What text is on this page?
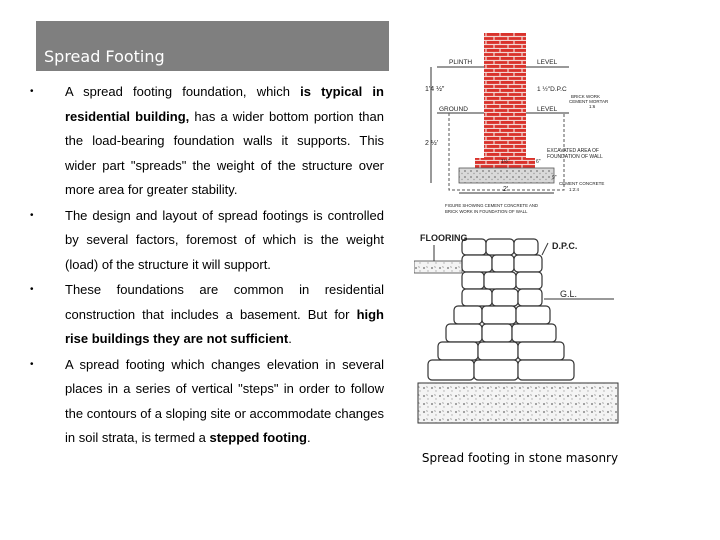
Spread Footing
• A spread footing foundation, which is typical in residential building, has a wider bottom portion than the load-bearing foundation walls it supports. This wider part "spreads" the weight of the structure over more area for greater stability.
• The design and layout of spread footings is controlled by several factors, foremost of which is the weight (load) of the structure it will support.
• These foundations are common in residential construction that includes a basement. But for high rise buildings they are not sufficient.
• A spread footing which changes elevation in several places in a series of vertical "steps" in order to follow the contours of a sloping site or accommodate changes in soil strata, is termed a stepped footing.
PLINTH	LEVEL
1'4 ½"	1 ½"D.P.C
BRICK WORK
CEMENT MORTAR
1:6
GROUND	LEVEL
2 ½'
EXCAVATED AREA OF
FOUNDATION OF WALL
1½"	6"
9"
CEMENT CONCRETE
1:2:4
2'
FIGURE SHOWING CEMENT CONCRETE AND
BRICK WORK IN FOUNDATION OF WALL
FLOORING
D.P.C.
G.L.
Spread footing in stone masonry
